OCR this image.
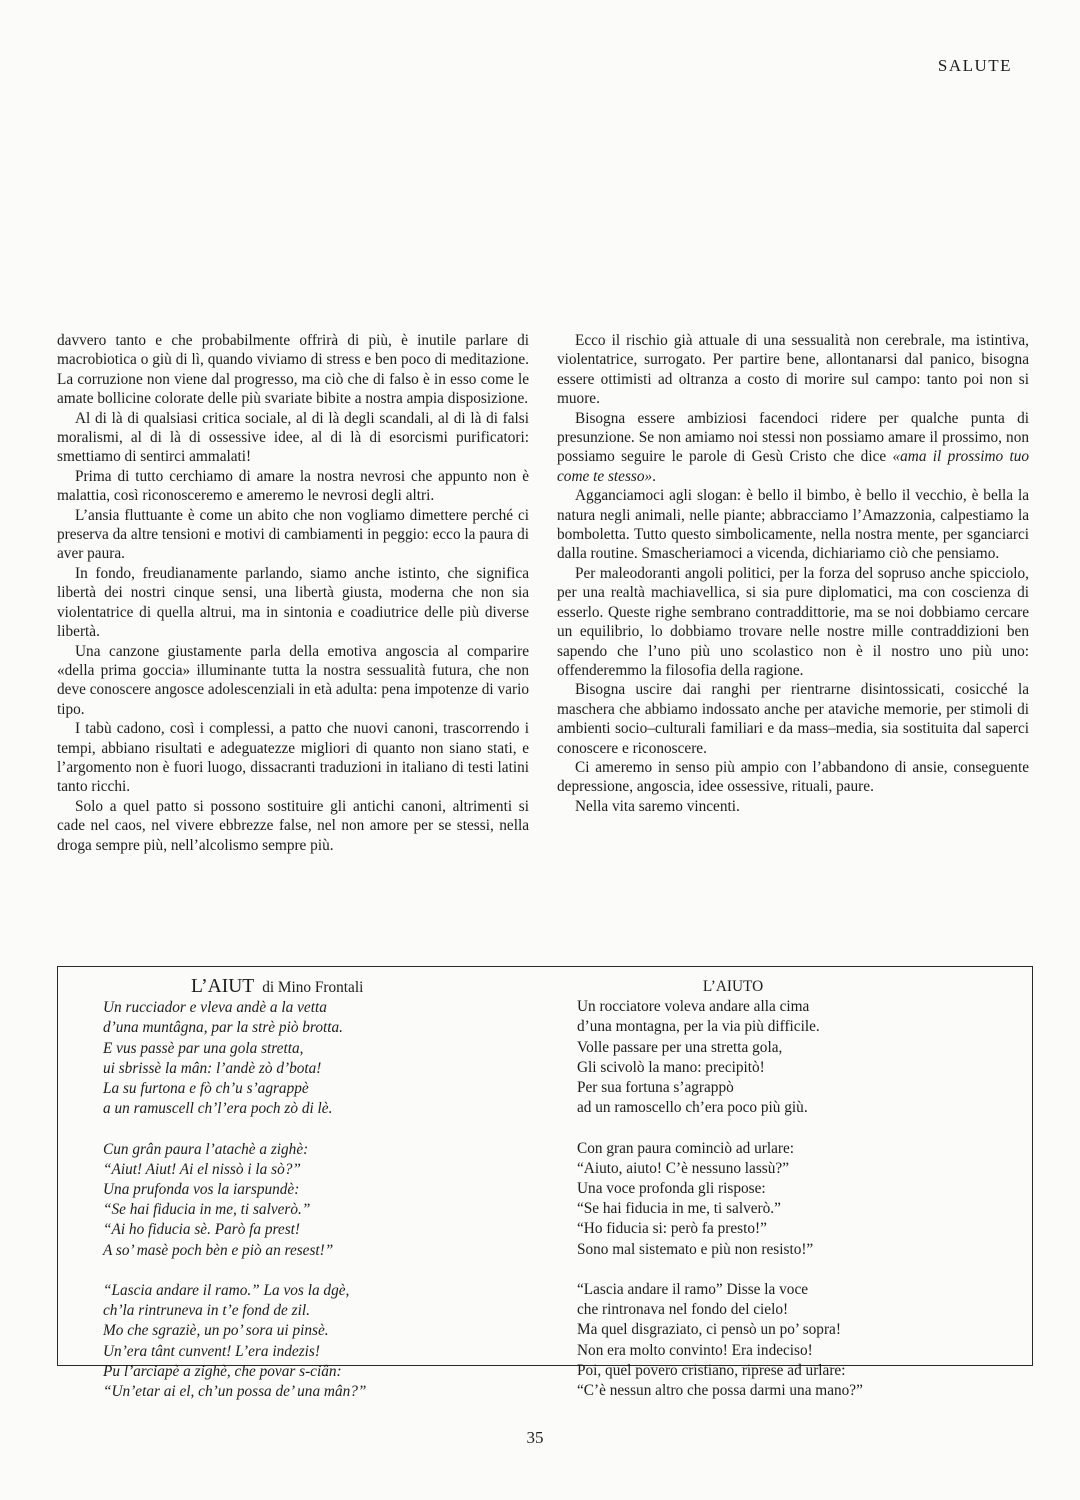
SALUTE

davvero tanto e che probabilmente offrirà di più, è inutile parlare di macrobiotica o giù di lì, quando viviamo di stress e ben poco di meditazione. La corruzione non viene dal progresso, ma ciò che di falso è in esso come le amate bollicine colorate delle più svariate bibite a nostra ampia disposizione.

Al di là di qualsiasi critica sociale, al di là degli scandali, al di là di falsi moralismi, al di là di ossessive idee, al di là di esorcismi purificatori: smettiamo di sentirci ammalati!

Prima di tutto cerchiamo di amare la nostra nevrosi che appunto non è malattia, così riconosceremo e ameremo le nevrosi degli altri.

L’ansia fluttuante è come un abito che non vogliamo dimettere perché ci preserva da altre tensioni e motivi di cambiamenti in peggio: ecco la paura di aver paura.

In fondo, freudianamente parlando, siamo anche istinto, che significa libertà dei nostri cinque sensi, una libertà giusta, moderna che non sia violentatrice di quella altrui, ma in sintonia e coadiutrice delle più diverse libertà.

Una canzone giustamente parla della emotiva angoscia al comparire «della prima goccia» illuminante tutta la nostra sessualità futura, che non deve conoscere angosce adolescenziali in età adulta: pena impotenze di vario tipo.

I tabù cadono, così i complessi, a patto che nuovi canoni, trascorrendo i tempi, abbiano risultati e adeguatezze migliori di quanto non siano stati, e l’argomento non è fuori luogo, dissacranti traduzioni in italiano di testi latini tanto ricchi.

Solo a quel patto si possono sostituire gli antichi canoni, altrimenti si cade nel caos, nel vivere ebbrezze false, nel non amore per se stessi, nella droga sempre più, nell’alcolismo sempre più.

Ecco il rischio già attuale di una sessualità non cerebrale, ma istintiva, violentatrice, surrogato. Per partire bene, allontanarsi dal panico, bisogna essere ottimisti ad oltranza a costo di morire sul campo: tanto poi non si muore.

Bisogna essere ambiziosi facendoci ridere per qualche punta di presunzione. Se non amiamo noi stessi non possiamo amare il prossimo, non possiamo seguire le parole di Gesù Cristo che dice «ama il prossimo tuo come te stesso».

Agganciamoci agli slogan: è bello il bimbo, è bello il vecchio, è bella la natura negli animali, nelle piante; abbracciamo l’Amazzonia, calpestiamo la bomboletta. Tutto questo simbolicamente, nella nostra mente, per sganciarci dalla routine. Smascheriamoci a vicenda, dichiariamo ciò che pensiamo.

Per maleodoranti angoli politici, per la forza del sopruso anche spicciolo, per una realtà machiavellica, si sia pure diplomatici, ma con coscienza di esserlo. Queste righe sembrano contraddittorie, ma se noi dobbiamo cercare un equilibrio, lo dobbiamo trovare nelle nostre mille contraddizioni ben sapendo che l’uno più uno scolastico non è il nostro uno più uno: offenderemmo la filosofia della ragione.

Bisogna uscire dai ranghi per rientrarne disintossicati, cosicché la maschera che abbiamo indossato anche per ataviche memorie, per stimoli di ambienti socio–culturali familiari e da mass–media, sia sostituita dal saperci conoscere e riconoscere.

Ci ameremo in senso più ampio con l’abbandono di ansie, conseguente depressione, angoscia, idee ossessive, rituali, paure.

Nella vita saremo vincenti.

L’AIUT di Mino Frontali
Un rucciador e vleva andè a la vetta
d’una muntâgna, par la strè piò brotta.
E vus passè par una gola stretta,
ui sbrissè la mân: l’andè zò d’bota!
La su furtona e fò ch’u s’agrappè
a un ramuscell ch’l’era poch zò di lè.
Cun grân paura l’atachè a zighè:
“Aiut! Aiut! Ai el nissò i la sò?”
Una prufonda vos la iarspundè:
“Se hai fiducia in me, ti salverò.”
“Ai ho fiducia sè. Parò fa prest!
A so’ masè poch bèn e piò an resest!”
“Lascia andare il ramo.” La vos la dgè,
ch’la rintruneva in t’e fond de zil.
Mo che sgraziè, un po’ sora ui pinsè.
Un’era tânt cunvent! L’era indezis!
Pu l’arciapè a zighè, che povar s-ciân:
“Un’etar ai el, ch’un possa de’ una mân?”
L’AIUTO
Un rocciatore voleva andare alla cima
d’una montagna, per la via più difficile.
Volle passare per una stretta gola,
Gli scivolò la mano: precipitò!
Per sua fortuna s’agrappò
ad un ramoscello ch’era poco più giù.
Con gran paura cominciò ad urlare:
“Aiuto, aiuto! C’è nessuno lassù?”
Una voce profonda gli rispose:
“Se hai fiducia in me, ti salverò.”
“Ho fiducia si: però fa presto!”
Sono mal sistemato e più non resisto!”
“Lascia andare il ramo” Disse la voce
che rintronava nel fondo del cielo!
Ma quel disgraziato, ci pensò un po’ sopra!
Non era molto convinto! Era indeciso!
Poi, quel povero cristiano, riprese ad urlare:
“C’è nessun altro che possa darmi una mano?”
35
